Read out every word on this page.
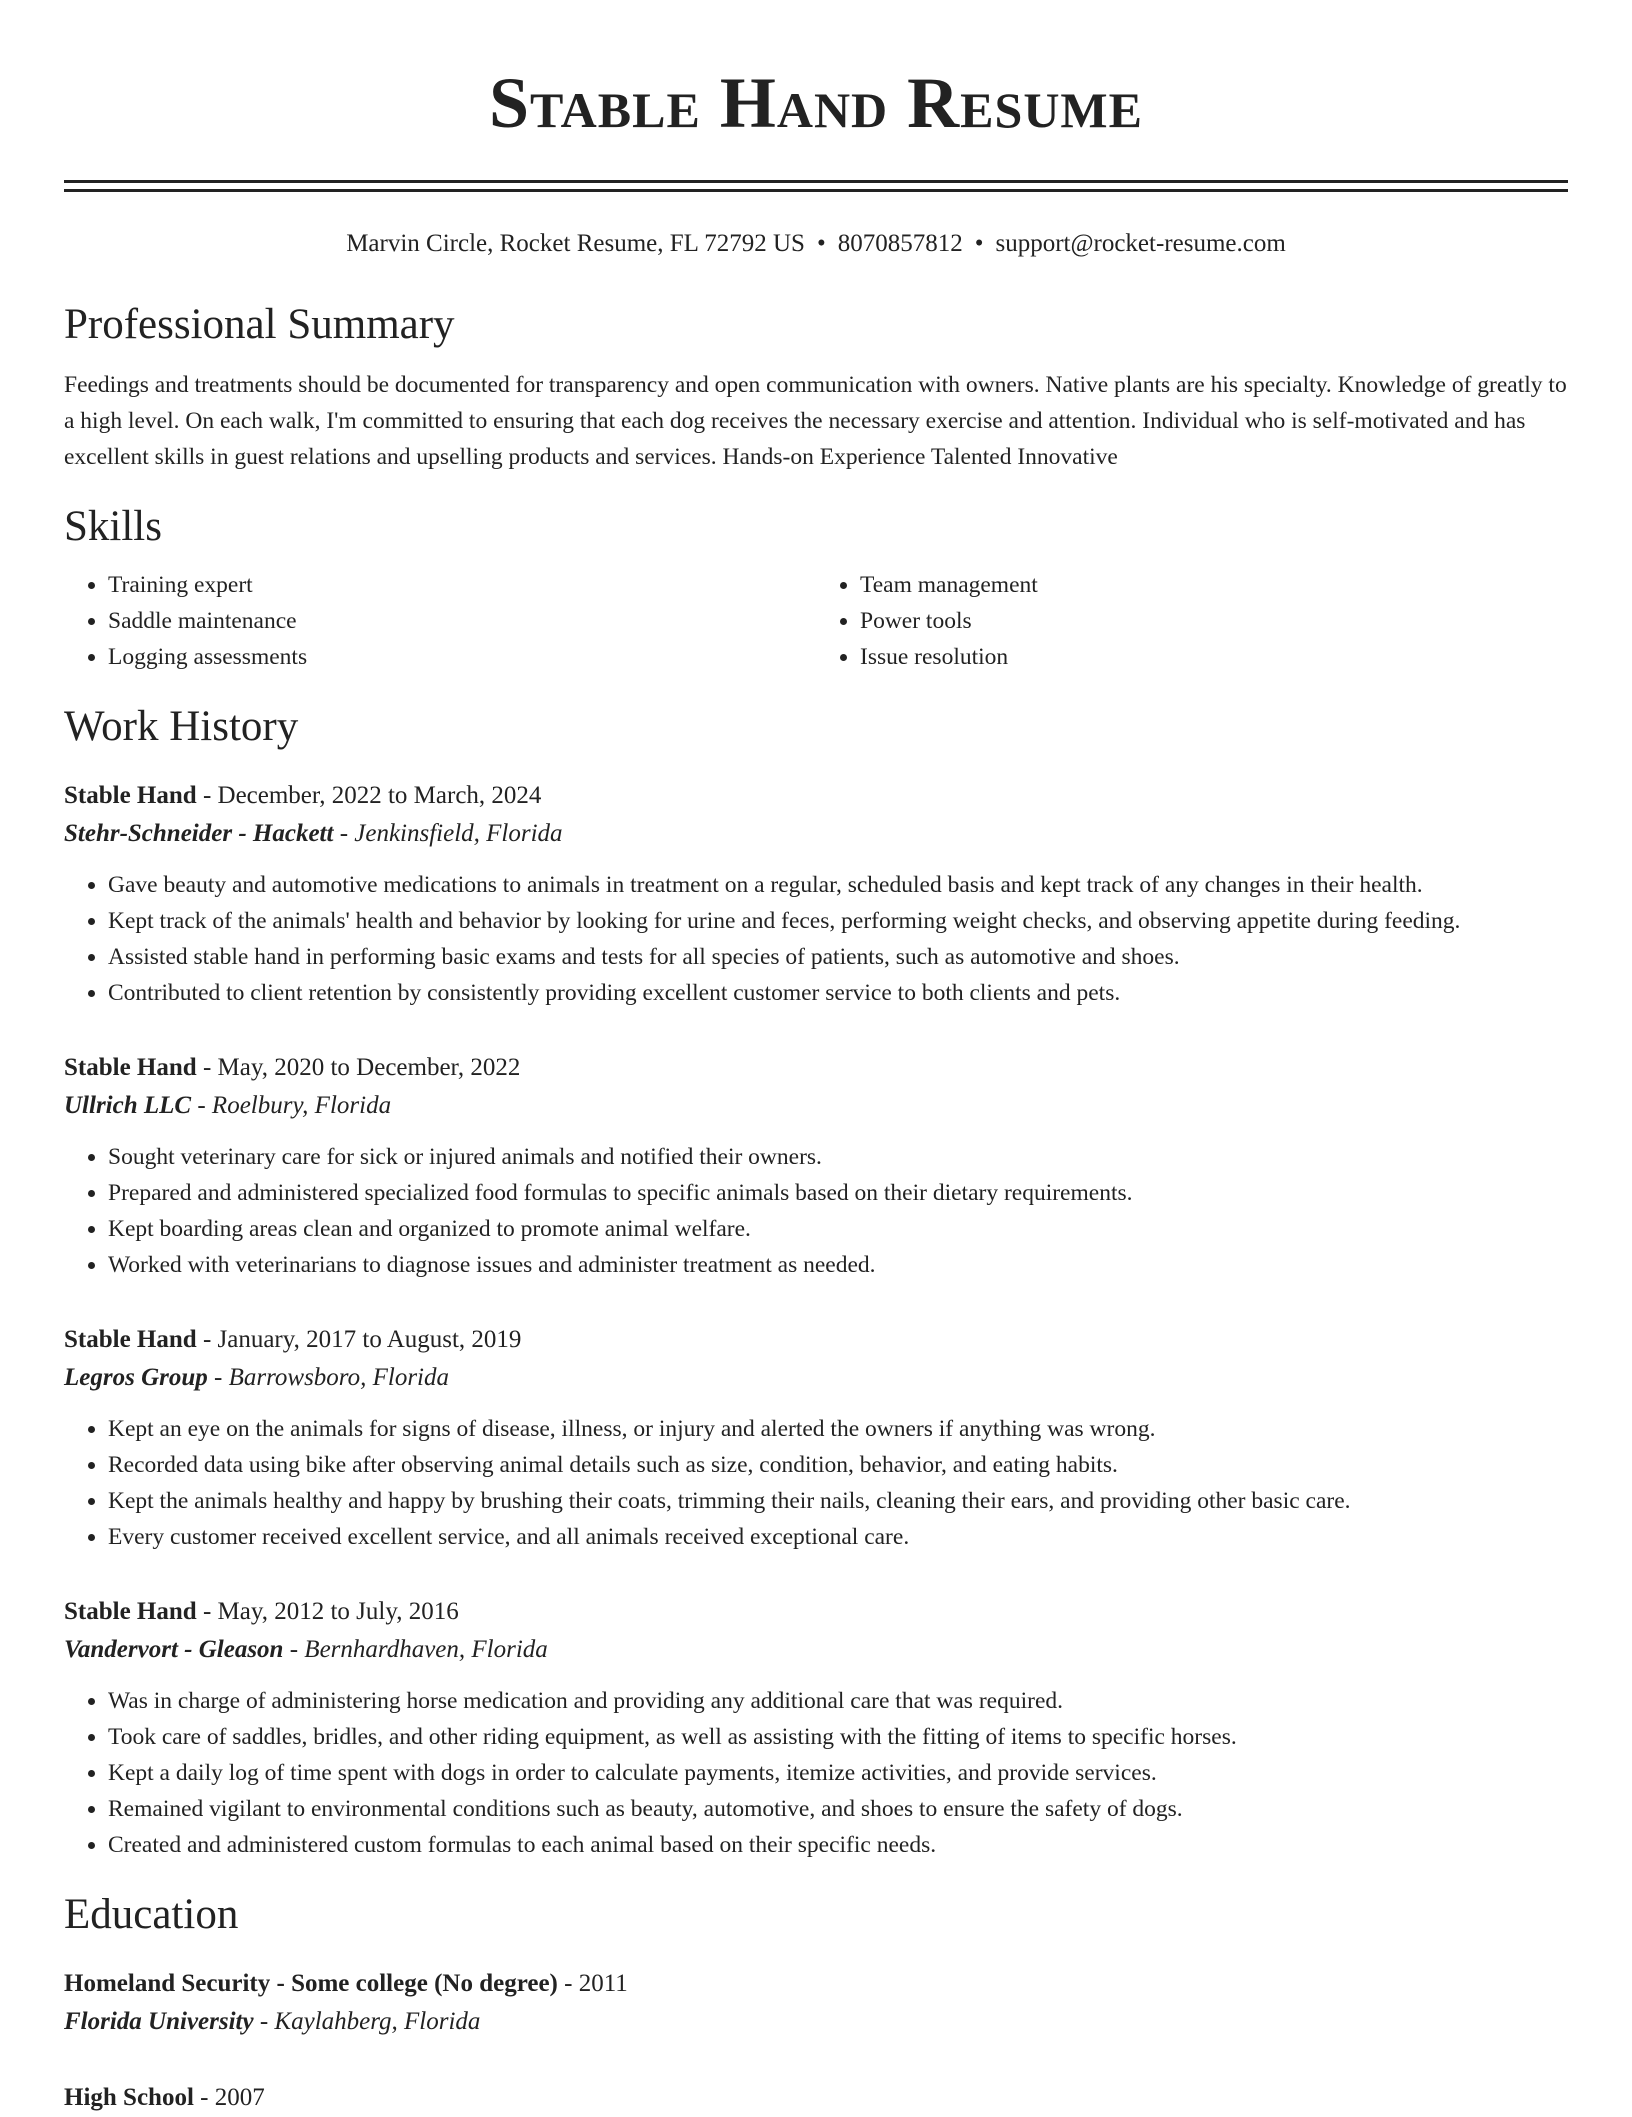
Stable Hand Resume
Marvin Circle, Rocket Resume, FL 72792 US • 8070857812 • support@rocket-resume.com
Professional Summary

Feedings and treatments should be documented for transparency and open communication with owners. Native plants are his specialty. Knowledge of greatly to a high level. On each walk, I'm committed to ensuring that each dog receives the necessary exercise and attention. Individual who is self-motivated and has excellent skills in guest relations and upselling products and services. Hands-on Experience Talented Innovative

Skills
• Training expert
• Saddle maintenance
• Logging assessments
• Team management
• Power tools
• Issue resolution
Work History
Stable Hand - December, 2022 to March, 2024
Stehr-Schneider - Hackett - Jenkinsfield, Florida
• Gave beauty and automotive medications to animals in treatment on a regular, scheduled basis and kept track of any changes in their health.
• Kept track of the animals' health and behavior by looking for urine and feces, performing weight checks, and observing appetite during feeding.
• Assisted stable hand in performing basic exams and tests for all species of patients, such as automotive and shoes.
• Contributed to client retention by consistently providing excellent customer service to both clients and pets.
Stable Hand - May, 2020 to December, 2022
Ullrich LLC - Roelbury, Florida
• Sought veterinary care for sick or injured animals and notified their owners.
• Prepared and administered specialized food formulas to specific animals based on their dietary requirements.
• Kept boarding areas clean and organized to promote animal welfare.
• Worked with veterinarians to diagnose issues and administer treatment as needed.
Stable Hand - January, 2017 to August, 2019
Legros Group - Barrowsboro, Florida
• Kept an eye on the animals for signs of disease, illness, or injury and alerted the owners if anything was wrong.
• Recorded data using bike after observing animal details such as size, condition, behavior, and eating habits.
• Kept the animals healthy and happy by brushing their coats, trimming their nails, cleaning their ears, and providing other basic care.
• Every customer received excellent service, and all animals received exceptional care.
Stable Hand - May, 2012 to July, 2016
Vandervort - Gleason - Bernhardhaven, Florida
• Was in charge of administering horse medication and providing any additional care that was required.
• Took care of saddles, bridles, and other riding equipment, as well as assisting with the fitting of items to specific horses.
• Kept a daily log of time spent with dogs in order to calculate payments, itemize activities, and provide services.
• Remained vigilant to environmental conditions such as beauty, automotive, and shoes to ensure the safety of dogs.
• Created and administered custom formulas to each animal based on their specific needs.
Education
Homeland Security - Some college (No degree) - 2011
Florida University - Kaylahberg, Florida
High School - 2007
